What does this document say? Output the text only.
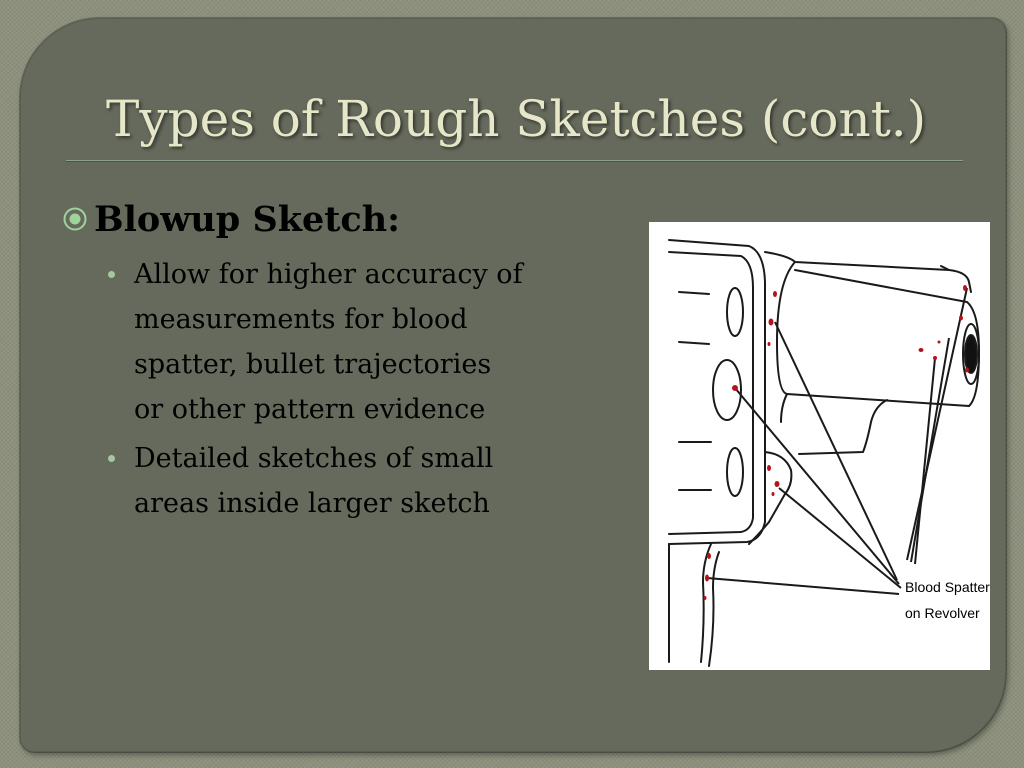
Types of Rough Sketches (cont.)
Blowup Sketch:
Allow for higher accuracy of
measurements for blood
spatter, bullet trajectories
or other pattern evidence
Detailed sketches of small
areas inside larger sketch
Blood Spatter
on Revolver
